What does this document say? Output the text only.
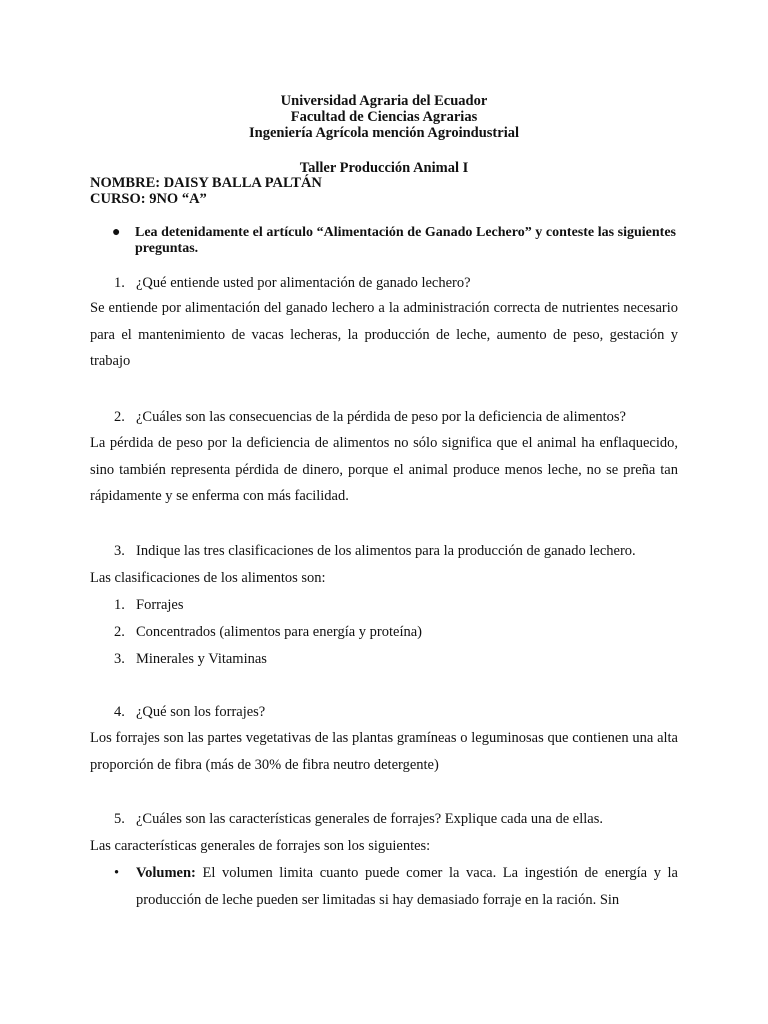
Universidad Agraria del Ecuador
Facultad de Ciencias Agrarias
Ingeniería Agrícola mención Agroindustrial
Taller Producción Animal I
NOMBRE: DAISY BALLA PALTÁN
CURSO: 9NO “A”
● Lea detenidamente el artículo “Alimentación de Ganado Lechero” y conteste las siguientes preguntas.
1. ¿Qué entiende usted por alimentación de ganado lechero?
Se entiende por alimentación del ganado lechero a la administración correcta de nutrientes necesario para el mantenimiento de vacas lecheras, la producción de leche, aumento de peso, gestación y trabajo
2. ¿Cuáles son las consecuencias de la pérdida de peso por la deficiencia de alimentos?
La pérdida de peso por la deficiencia de alimentos no sólo significa que el animal ha enflaquecido, sino también representa pérdida de dinero, porque el animal produce menos leche, no se preña tan rápidamente y se enferma con más facilidad.
3. Indique las tres clasificaciones de los alimentos para la producción de ganado lechero.
Las clasificaciones de los alimentos son:
1. Forrajes
2. Concentrados (alimentos para energía y proteína)
3. Minerales y Vitaminas
4. ¿Qué son los forrajes?
Los forrajes son las partes vegetativas de las plantas gramíneas o leguminosas que contienen una alta proporción de fibra (más de 30% de fibra neutro detergente)
5. ¿Cuáles son las características generales de forrajes? Explique cada una de ellas.
Las características generales de forrajes son los siguientes:
• Volumen: El volumen limita cuanto puede comer la vaca. La ingestión de energía y la producción de leche pueden ser limitadas si hay demasiado forraje en la ración. Sin
